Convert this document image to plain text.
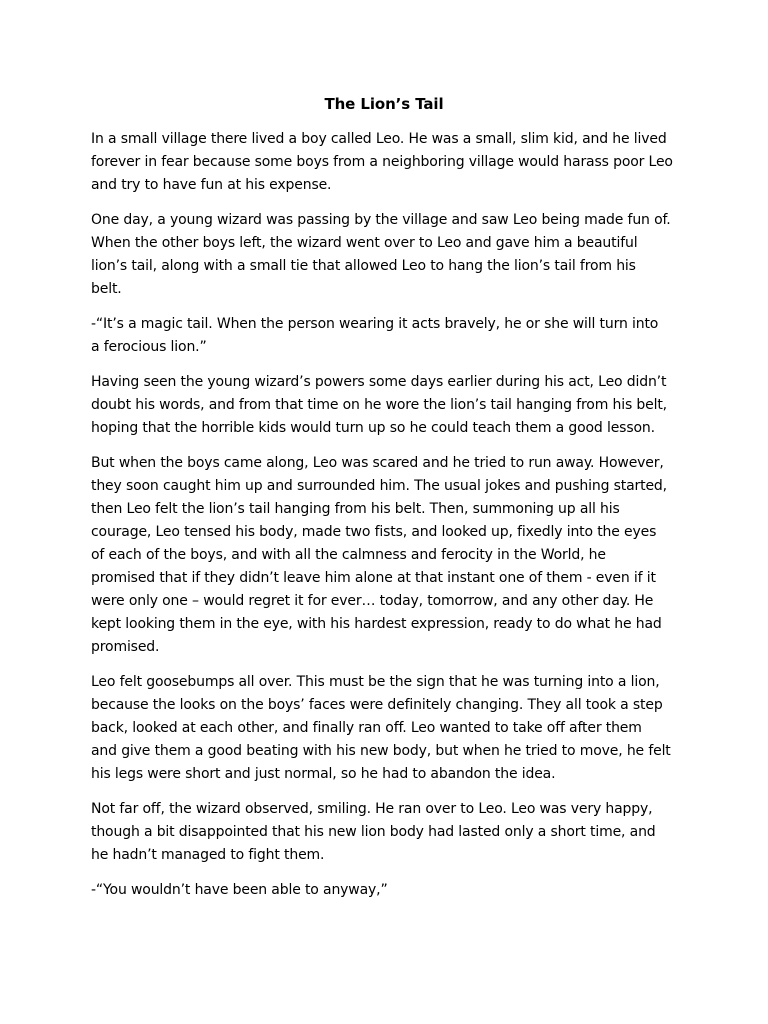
The Lion’s Tail

In a small village there lived a boy called Leo. He was a small, slim kid, and he lived
forever in fear because some boys from a neighboring village would harass poor Leo
and try to have fun at his expense.

One day, a young wizard was passing by the village and saw Leo being made fun of.
When the other boys left, the wizard went over to Leo and gave him a beautiful
lion’s tail, along with a small tie that allowed Leo to hang the lion’s tail from his
belt.

-“It’s a magic tail. When the person wearing it acts bravely, he or she will turn into
a ferocious lion.”

Having seen the young wizard’s powers some days earlier during his act, Leo didn’t
doubt his words, and from that time on he wore the lion’s tail hanging from his belt,
hoping that the horrible kids would turn up so he could teach them a good lesson.

But when the boys came along, Leo was scared and he tried to run away. However,
they soon caught him up and surrounded him. The usual jokes and pushing started,
then Leo felt the lion’s tail hanging from his belt. Then, summoning up all his
courage, Leo tensed his body, made two fists, and looked up, fixedly into the eyes
of each of the boys, and with all the calmness and ferocity in the World, he
promised that if they didn’t leave him alone at that instant one of them - even if it
were only one – would regret it for ever… today, tomorrow, and any other day. He
kept looking them in the eye, with his hardest expression, ready to do what he had
promised.

Leo felt goosebumps all over. This must be the sign that he was turning into a lion,
because the looks on the boys’ faces were definitely changing. They all took a step
back, looked at each other, and finally ran off. Leo wanted to take off after them
and give them a good beating with his new body, but when he tried to move, he felt
his legs were short and just normal, so he had to abandon the idea.

Not far off, the wizard observed, smiling. He ran over to Leo. Leo was very happy,
though a bit disappointed that his new lion body had lasted only a short time, and
he hadn’t managed to fight them.

-“You wouldn’t have been able to anyway,”
